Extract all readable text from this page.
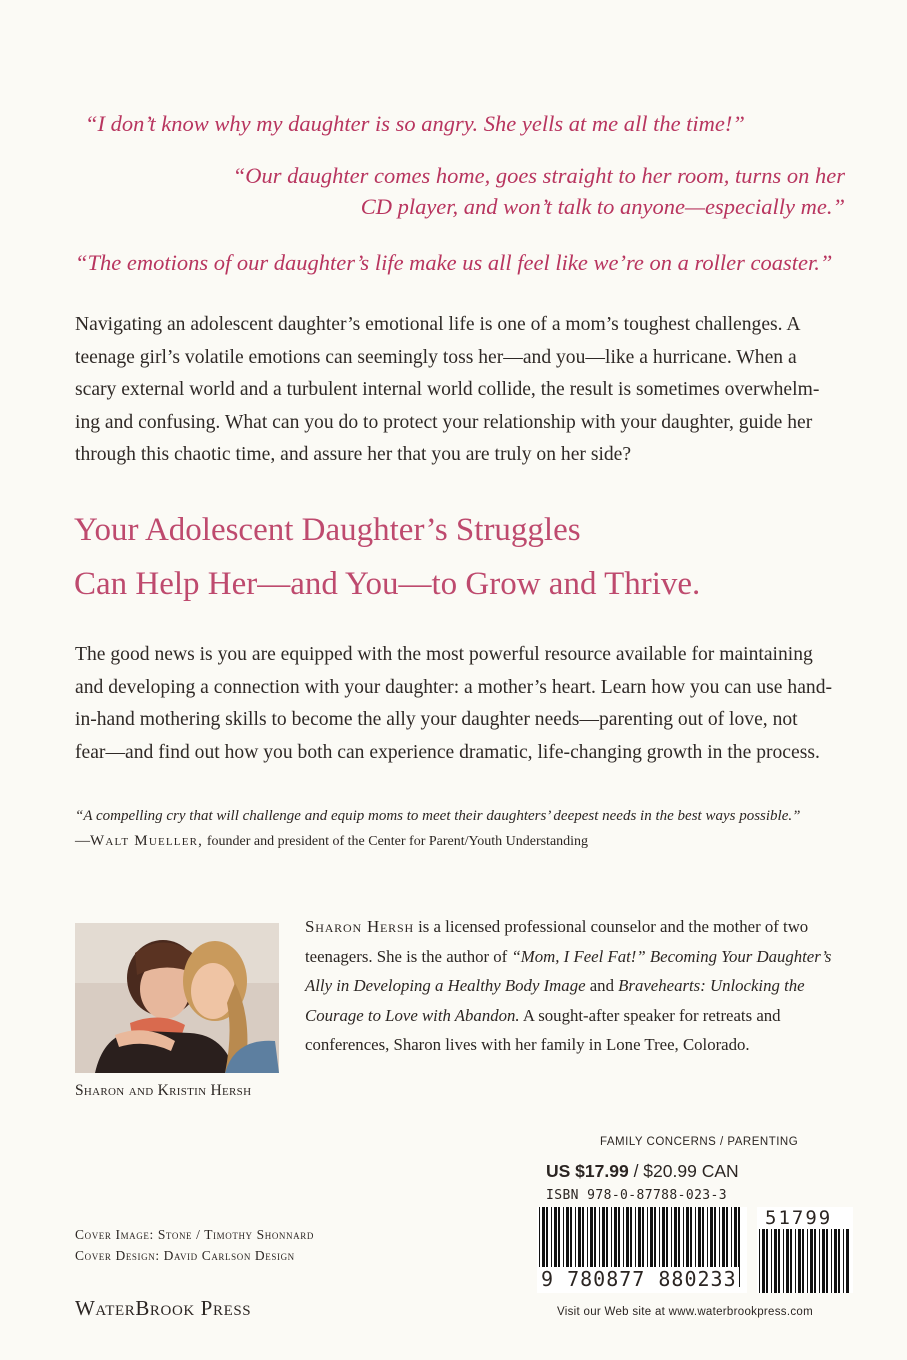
“I don’t know why my daughter is so angry. She yells at me all the time!”
“Our daughter comes home, goes straight to her room, turns on her
CD player, and won’t talk to anyone—especially me.”
“The emotions of our daughter’s life make us all feel like we’re on a roller coaster.”
Navigating an adolescent daughter’s emotional life is one of a mom’s toughest challenges. A
teenage girl’s volatile emotions can seemingly toss her—and you—like a hurricane. When a
scary external world and a turbulent internal world collide, the result is sometimes overwhelm-
ing and confusing. What can you do to protect your relationship with your daughter, guide her
through this chaotic time, and assure her that you are truly on her side?
Your Adolescent Daughter’s Struggles
Can Help Her—and You—to Grow and Thrive.
The good news is you are equipped with the most powerful resource available for maintaining
and developing a connection with your daughter: a mother’s heart. Learn how you can use hand-
in-hand mothering skills to become the ally your daughter needs—parenting out of love, not
fear—and find out how you both can experience dramatic, life-changing growth in the process.
“A compelling cry that will challenge and equip moms to meet their daughters’ deepest needs in the best ways possible.”
—Walt Mueller, founder and president of the Center for Parent/Youth Understanding
Sharon and Kristin Hersh
Sharon Hersh is a licensed professional counselor and the mother of two
teenagers. She is the author of “Mom, I Feel Fat!” Becoming Your Daughter’s
Ally in Developing a Healthy Body Image and Bravehearts: Unlocking the
Courage to Love with Abandon. A sought-after speaker for retreats and
conferences, Sharon lives with her family in Lone Tree, Colorado.
FAMILY CONCERNS / PARENTING
US $17.99 / $20.99 CAN
ISBN 978-0-87788-023-3
9 780877 880233
51799
Cover Image: Stone / Timothy Shonnard
Cover Design: David Carlson Design
WaterBrook Press	Visit our Web site at www.waterbrookpress.com
